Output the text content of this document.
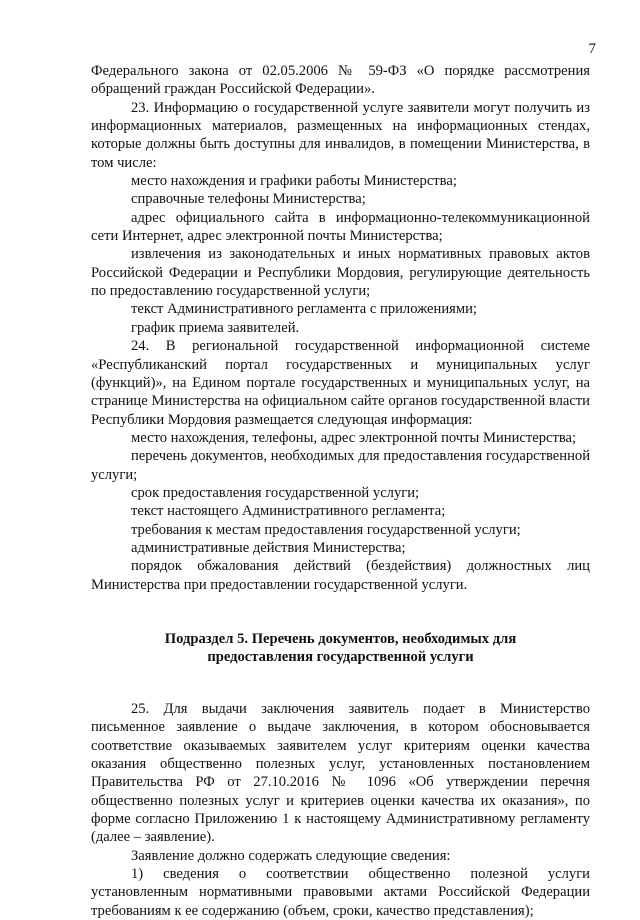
7

Федерального закона от 02.05.2006 № 59-ФЗ «О порядке рассмотрения обращений граждан Российской Федерации».

23. Информацию о государственной услуге заявители могут получить из информационных материалов, размещенных на информационных стендах, которые должны быть доступны для инвалидов, в помещении Министерства, в том числе:

место нахождения и графики работы Министерства;

справочные телефоны Министерства;

адрес официального сайта в информационно-телекоммуникационной сети Интернет, адрес электронной почты Министерства;

извлечения из законодательных и иных нормативных правовых актов Российской Федерации и Республики Мордовия, регулирующие деятельность по предоставлению государственной услуги;

текст Административного регламента с приложениями;

график приема заявителей.

24. В региональной государственной информационной системе «Республиканский портал государственных и муниципальных услуг (функций)», на Едином портале государственных и муниципальных услуг, на странице Министерства на официальном сайте органов государственной власти Республики Мордовия размещается следующая информация:

место нахождения, телефоны, адрес электронной почты Министерства;

перечень документов, необходимых для предоставления государственной услуги;

срок предоставления государственной услуги;

текст настоящего Административного регламента;

требования к местам предоставления государственной услуги;

административные действия Министерства;

порядок обжалования действий (бездействия) должностных лиц Министерства при предоставлении государственной услуги.

Подраздел 5. Перечень документов, необходимых для
предоставления государственной услуги

25. Для выдачи заключения заявитель подает в Министерство письменное заявление о выдаче заключения, в котором обосновывается соответствие оказываемых заявителем услуг критериям оценки качества оказания общественно полезных услуг, установленных постановлением Правительства РФ от 27.10.2016 № 1096 «Об утверждении перечня общественно полезных услуг и критериев оценки качества их оказания», по форме согласно Приложению 1 к настоящему Административному регламенту (далее – заявление).

Заявление должно содержать следующие сведения:

1) сведения о соответствии общественно полезной услуги установленным нормативными правовыми актами Российской Федерации требованиям к ее содержанию (объем, сроки, качество представления);
